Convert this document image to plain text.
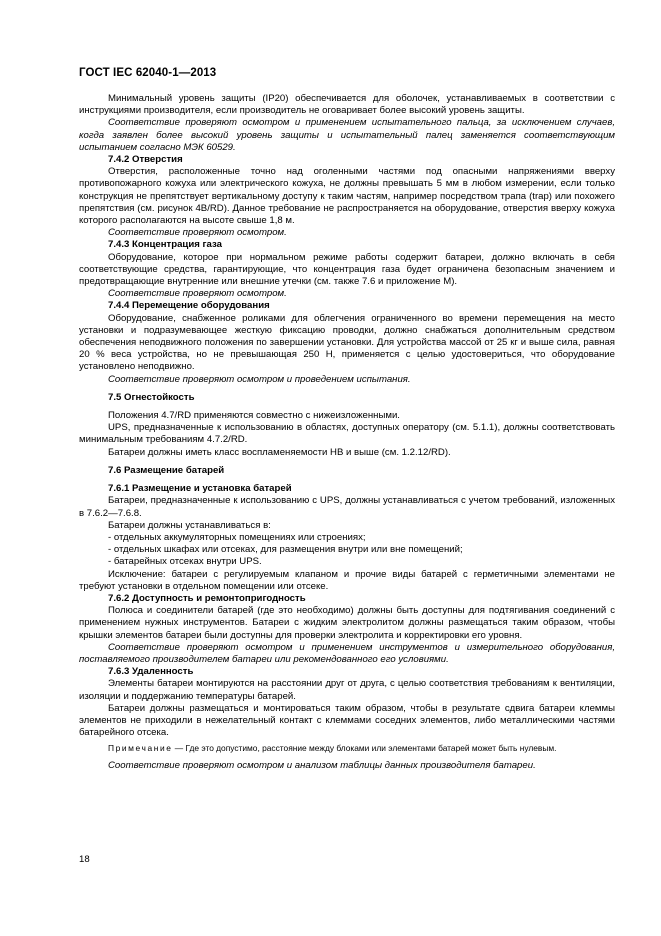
ГОСТ IEC 62040-1—2013

Минимальный уровень защиты (IP20) обеспечивается для оболочек, устанавливаемых в соответствии с инструкциями производителя, если производитель не оговаривает более высокий уровень защиты.

Соответствие проверяют осмотром и применением испытательного пальца, за исключением случаев, когда заявлен более высокий уровень защиты и испытательный палец заменяется соответствующим испытанием согласно МЭК 60529.

7.4.2 Отверстия

Отверстия, расположенные точно над оголенными частями под опасными напряжениями вверху противопожарного кожуха или электрического кожуха, не должны превышать 5 мм в любом измерении, если только конструкция не препятствует вертикальному доступу к таким частям, например посредством трапа (trap) или похожего препятствия (см. рисунок 4B/RD). Данное требование не распространяется на оборудование, отверстия вверху кожуха которого располагаются на высоте свыше 1,8 м.

Соответствие проверяют осмотром.

7.4.3 Концентрация газа

Оборудование, которое при нормальном режиме работы содержит батареи, должно включать в себя соответствующие средства, гарантирующие, что концентрация газа будет ограничена безопасным значением и предотвращающие внутренние или внешние утечки (см. также 7.6 и приложение M).

Соответствие проверяют осмотром.

7.4.4 Перемещение оборудования

Оборудование, снабженное роликами для облегчения ограниченного во времени перемещения на место установки и подразумевающее жесткую фиксацию проводки, должно снабжаться дополнительным средством обеспечения неподвижного положения по завершении установки. Для устройства массой от 25 кг и выше сила, равная 20 % веса устройства, но не превышающая 250 Н, применяется с целью удостовериться, что оборудование установлено неподвижно.

Соответствие проверяют осмотром и проведением испытания.

7.5 Огнестойкость

Положения 4.7/RD применяются совместно с нижеизложенными.

UPS, предназначенные к использованию в областях, доступных оператору (см. 5.1.1), должны соответствовать минимальным требованиям 4.7.2/RD.

Батареи должны иметь класс воспламеняемости HB и выше (см. 1.2.12/RD).

7.6 Размещение батарей
7.6.1 Размещение и установка батарей

Батареи, предназначенные к использованию с UPS, должны устанавливаться с учетом требований, изложенных в 7.6.2—7.6.8.

Батареи должны устанавливаться в:

- отдельных аккумуляторных помещениях или строениях;

- отдельных шкафах или отсеках, для размещения внутри или вне помещений;

- батарейных отсеках внутри UPS.

Исключение: батареи с регулируемым клапаном и прочие виды батарей с герметичными элементами не требуют установки в отдельном помещении или отсеке.

7.6.2 Доступность и ремонтопригодность

Полюса и соединители батарей (где это необходимо) должны быть доступны для подтягивания соединений с применением нужных инструментов. Батареи с жидким электролитом должны размещаться таким образом, чтобы крышки элементов батареи были доступны для проверки электролита и корректировки его уровня.

Соответствие проверяют осмотром и применением инструментов и измерительного оборудования, поставляемого производителем батареи или рекомендованного его условиями.

7.6.3 Удаленность

Элементы батареи монтируются на расстоянии друг от друга, с целью соответствия требованиям к вентиляции, изоляции и поддержанию температуры батарей.

Батареи должны размещаться и монтироваться таким образом, чтобы в результате сдвига батареи клеммы элементов не приходили в нежелательный контакт с клеммами соседних элементов, либо металлическими частями батарейного отсека.

Примечание — Где это допустимо, расстояние между блоками или элементами батарей может быть нулевым.

Соответствие проверяют осмотром и анализом таблицы данных производителя батареи.

18
